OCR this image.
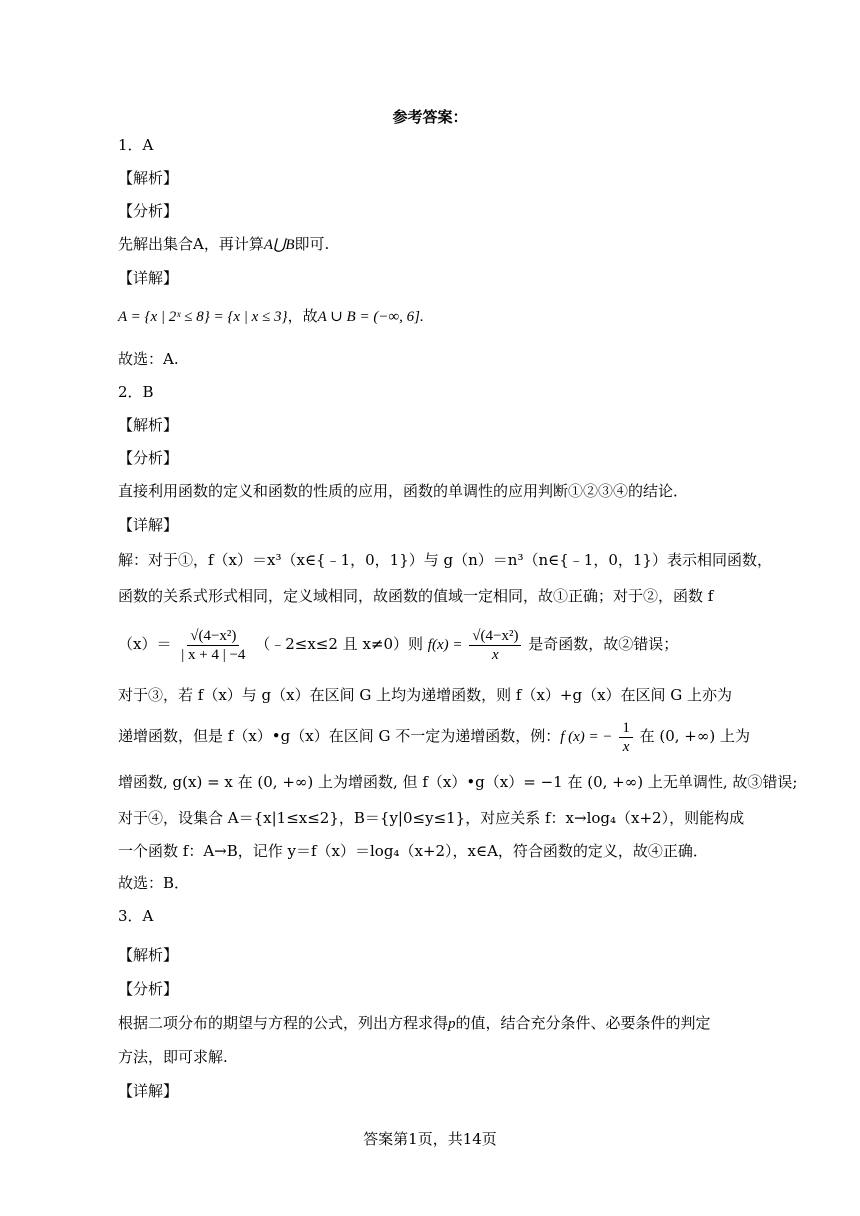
参考答案：
1．A
【解析】
【分析】
先解出集合A，再计算A⋃B即可.
【详解】
A = {x | 2ˣ ≤ 8} = {x | x ≤ 3}，故A ∪ B = (−∞, 6].
故选：A.
2．B
【解析】
【分析】
直接利用函数的定义和函数的性质的应用，函数的单调性的应用判断①②③④的结论．
【详解】
解：对于①，f（x）＝x³（x∈{﹣1，0，1}）与 g（n）＝n³（n∈{﹣1，0，1}）表示相同函数，
函数的关系式形式相同，定义域相同，故函数的值域一定相同，故①正确；对于②，函数 f
$(x)= \frac{\text{√(4−x²)}}{| x + 4 | -4}$ （﹣2≤x≤2 且 x≠0）则 $f(x) = \frac{\text{√(4−x²)}}{x}$ 是奇函数，故②错误；
对于③，若 f（x）与 g（x）在区间 G 上均为递增函数，则 f（x）+g（x）在区间 G 上亦为
递增函数，但是 f（x）•g（x）在区间 G 不一定为递增函数，例：f (x) = − $\frac{1}{x}$ 在 (0, +∞) 上为
增函数, g(x) = x 在 (0, +∞) 上为增函数, 但 f（x）•g（x）= −1 在 (0, +∞) 上无单调性, 故③错误;
对于④，设集合 A＝{x|1≤x≤2}，B＝{y|0≤y≤1}，对应关系 f：x→log₄（x+2），则能构成
一个函数 f：A→B，记作 y＝f（x）＝log₄（x+2），x∈A，符合函数的定义，故④正确．
故选：B．
3．A
【解析】
【分析】
根据二项分布的期望与方程的公式，列出方程求得p的值，结合充分条件、必要条件的判定
方法，即可求解.
【详解】
答案第1页，共14页
